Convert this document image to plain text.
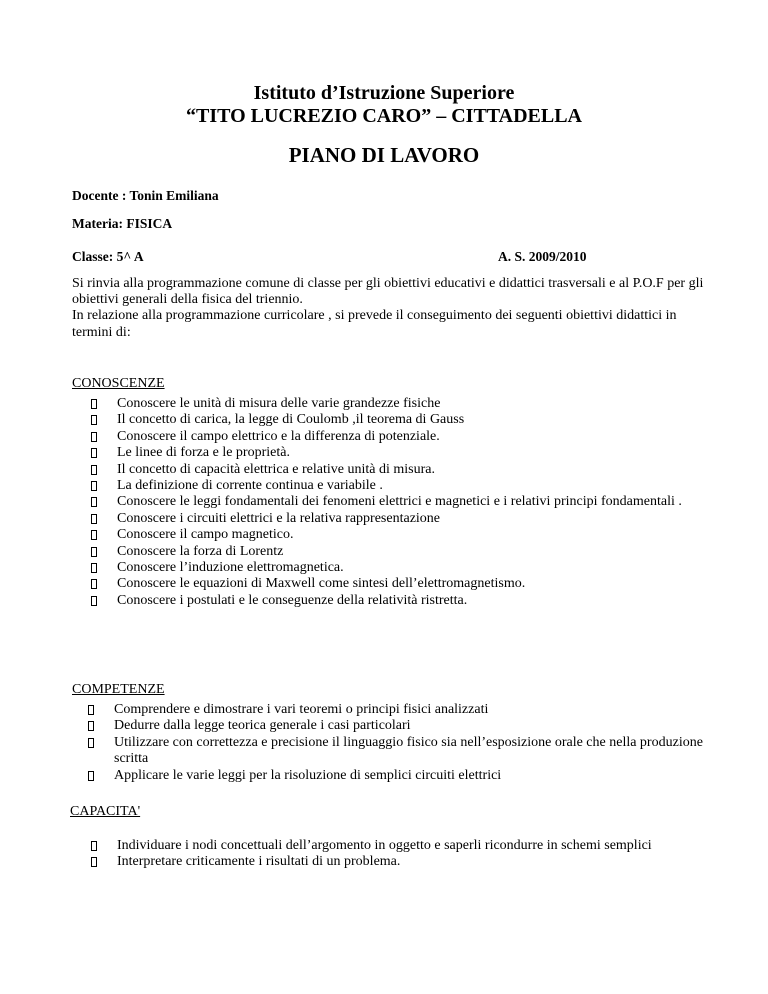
Istituto d’Istruzione Superiore
“TITO LUCREZIO CARO” – CITTADELLA
PIANO DI LAVORO
Docente : Tonin Emiliana
Materia: FISICA
Classe: 5^ A	A. S. 2009/2010
Si rinvia alla programmazione comune di classe per gli obiettivi educativi e didattici trasversali e al P.O.F per gli obiettivi generali della fisica del triennio.
In relazione alla programmazione curricolare , si prevede il conseguimento dei seguenti obiettivi didattici in termini di:
CONOSCENZE
Conoscere le unità di misura delle varie grandezze fisiche
Il concetto di carica, la legge di Coulomb ,il teorema di Gauss
Conoscere il campo elettrico e la differenza di potenziale.
Le linee di forza e le proprietà.
Il concetto di capacità elettrica e relative unità di misura.
La definizione di corrente continua e variabile .
Conoscere le leggi fondamentali dei fenomeni elettrici e magnetici e i relativi principi fondamentali .
Conoscere i circuiti elettrici e la relativa rappresentazione
Conoscere il campo magnetico.
Conoscere la forza di Lorentz
Conoscere l’induzione elettromagnetica.
Conoscere le equazioni di Maxwell come sintesi dell’elettromagnetismo.
Conoscere i postulati e le conseguenze della relatività ristretta.
COMPETENZE
Comprendere e dimostrare i vari teoremi o principi fisici analizzati
Dedurre dalla legge teorica generale i casi particolari
Utilizzare con correttezza e precisione il linguaggio fisico sia nell’esposizione orale che nella produzione scritta
Applicare le varie leggi per la risoluzione di semplici circuiti elettrici
CAPACITA'
Individuare i nodi concettuali dell’argomento in oggetto e saperli ricondurre in schemi semplici
Interpretare criticamente i risultati di un problema.
